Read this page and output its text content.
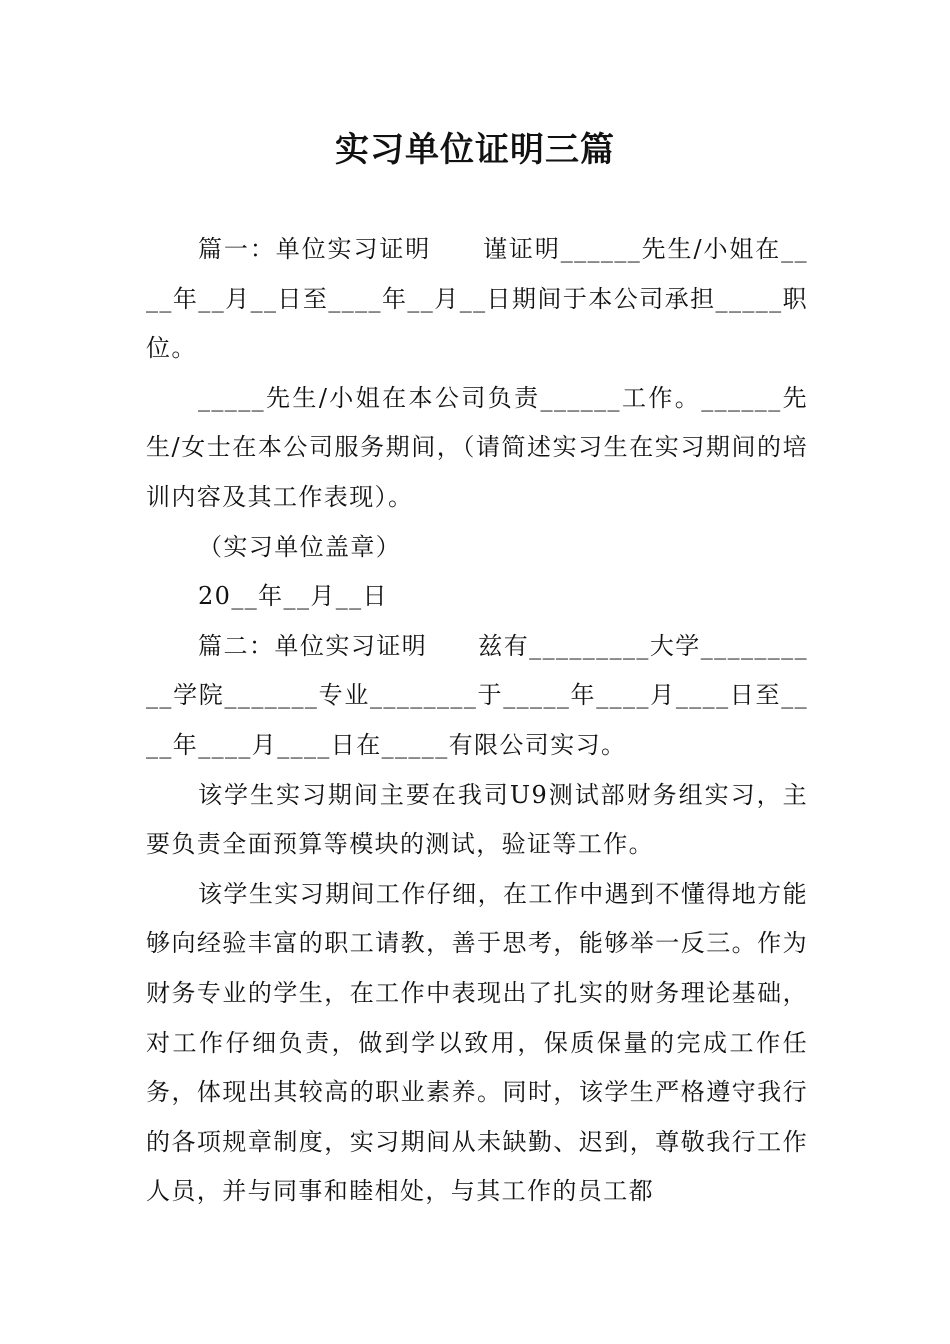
实习单位证明三篇

篇一：单位实习证明　　谨证明______先生/小姐在____年__月__日至____年__月__日期间于本公司承担_____职位。

_____先生/小姐在本公司负责______工作。______先生/女士在本公司服务期间，（请简述实习生在实习期间的培训内容及其工作表现）。

（实习单位盖章）

20__年__月__日

篇二：单位实习证明　　兹有_________大学__________学院_______专业________于_____年____月____日至____年____月____日在_____有限公司实习。

该学生实习期间主要在我司U9测试部财务组实习，主要负责全面预算等模块的测试，验证等工作。

该学生实习期间工作仔细，在工作中遇到不懂得地方能够向经验丰富的职工请教，善于思考，能够举一反三。作为财务专业的学生，在工作中表现出了扎实的财务理论基础，对工作仔细负责，做到学以致用，保质保量的完成工作任务，体现出其较高的职业素养。同时，该学生严格遵守我行的各项规章制度，实习期间从未缺勤、迟到，尊敬我行工作人员，并与同事和睦相处，与其工作的员工都
